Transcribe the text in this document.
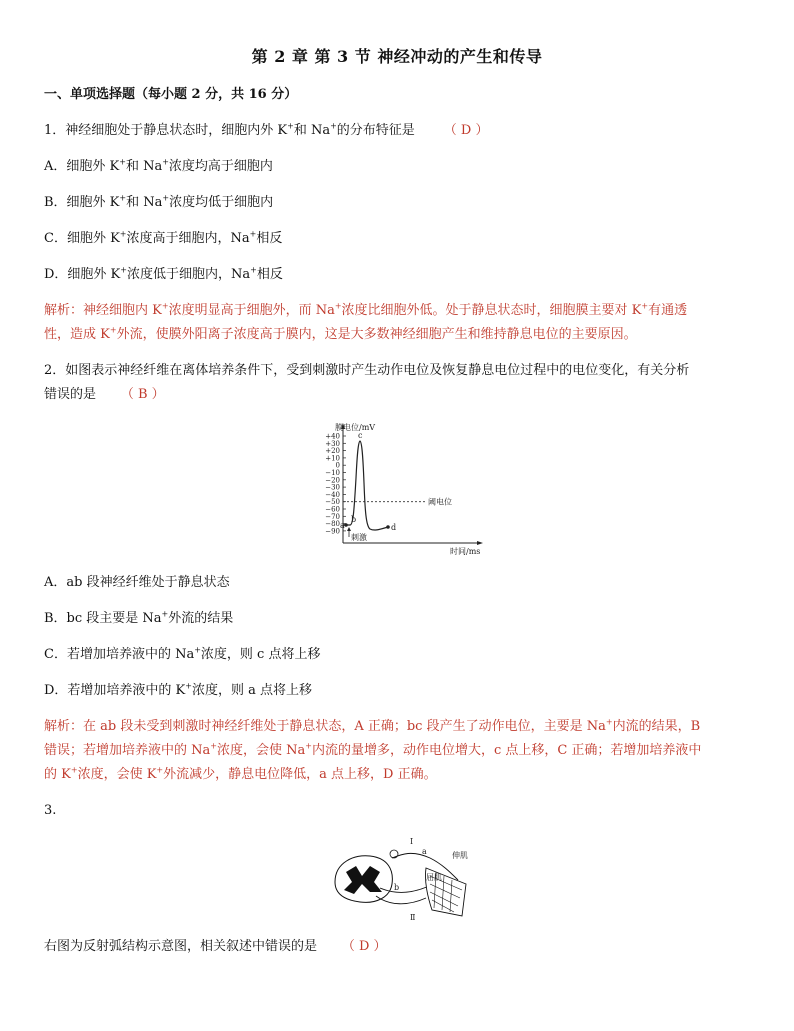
第 2 章 第 3 节 神经冲动的产生和传导
一、单项选择题（每小题 2 分，共 16 分）
1．神经细胞处于静息状态时，细胞内外 K+和 Na+的分布特征是 （ D ）
A．细胞外 K+和 Na+浓度均高于细胞内
B．细胞外 K+和 Na+浓度均低于细胞内
C．细胞外 K+浓度高于细胞内，Na+相反
D．细胞外 K+浓度低于细胞内，Na+相反
解析：神经细胞内 K+浓度明显高于细胞外，而 Na+浓度比细胞外低。处于静息状态时，细胞膜主要对 K+有通透
性，造成 K+外流，使膜外阳离子浓度高于膜内，这是大多数神经细胞产生和维持静息电位的主要原因。
2．如图表示神经纤维在离体培养条件下，受到刺激时产生动作电位及恢复静息电位过程中的电位变化，有关分析
错误的是 （ B ）
+40
+30
+20
+10
0
−10
−20
−30
−40
−50
−60
−70
−80
−90
膜电位/mV
时间/ms
阈电位
刺激
a
b
c
d
A．ab 段神经纤维处于静息状态
B．bc 段主要是 Na+外流的结果
C．若增加培养液中的 Na+浓度，则 c 点将上移
D．若增加培养液中的 K+浓度，则 a 点将上移
解析：在 ab 段未受到刺激时神经纤维处于静息状态，A 正确；bc 段产生了动作电位，主要是 Na+内流的结果，B
错误；若增加培养液中的 Na+浓度，会使 Na+内流的量增多，动作电位增大，c 点上移，C 正确；若增加培养液中
的 K+浓度，会使 K+外流减少，静息电位降低，a 点上移，D 正确。
3.
Ⅰ
a	伸肌
屈肌
b
Ⅱ
右图为反射弧结构示意图，相关叙述中错误的是 （ D ）
